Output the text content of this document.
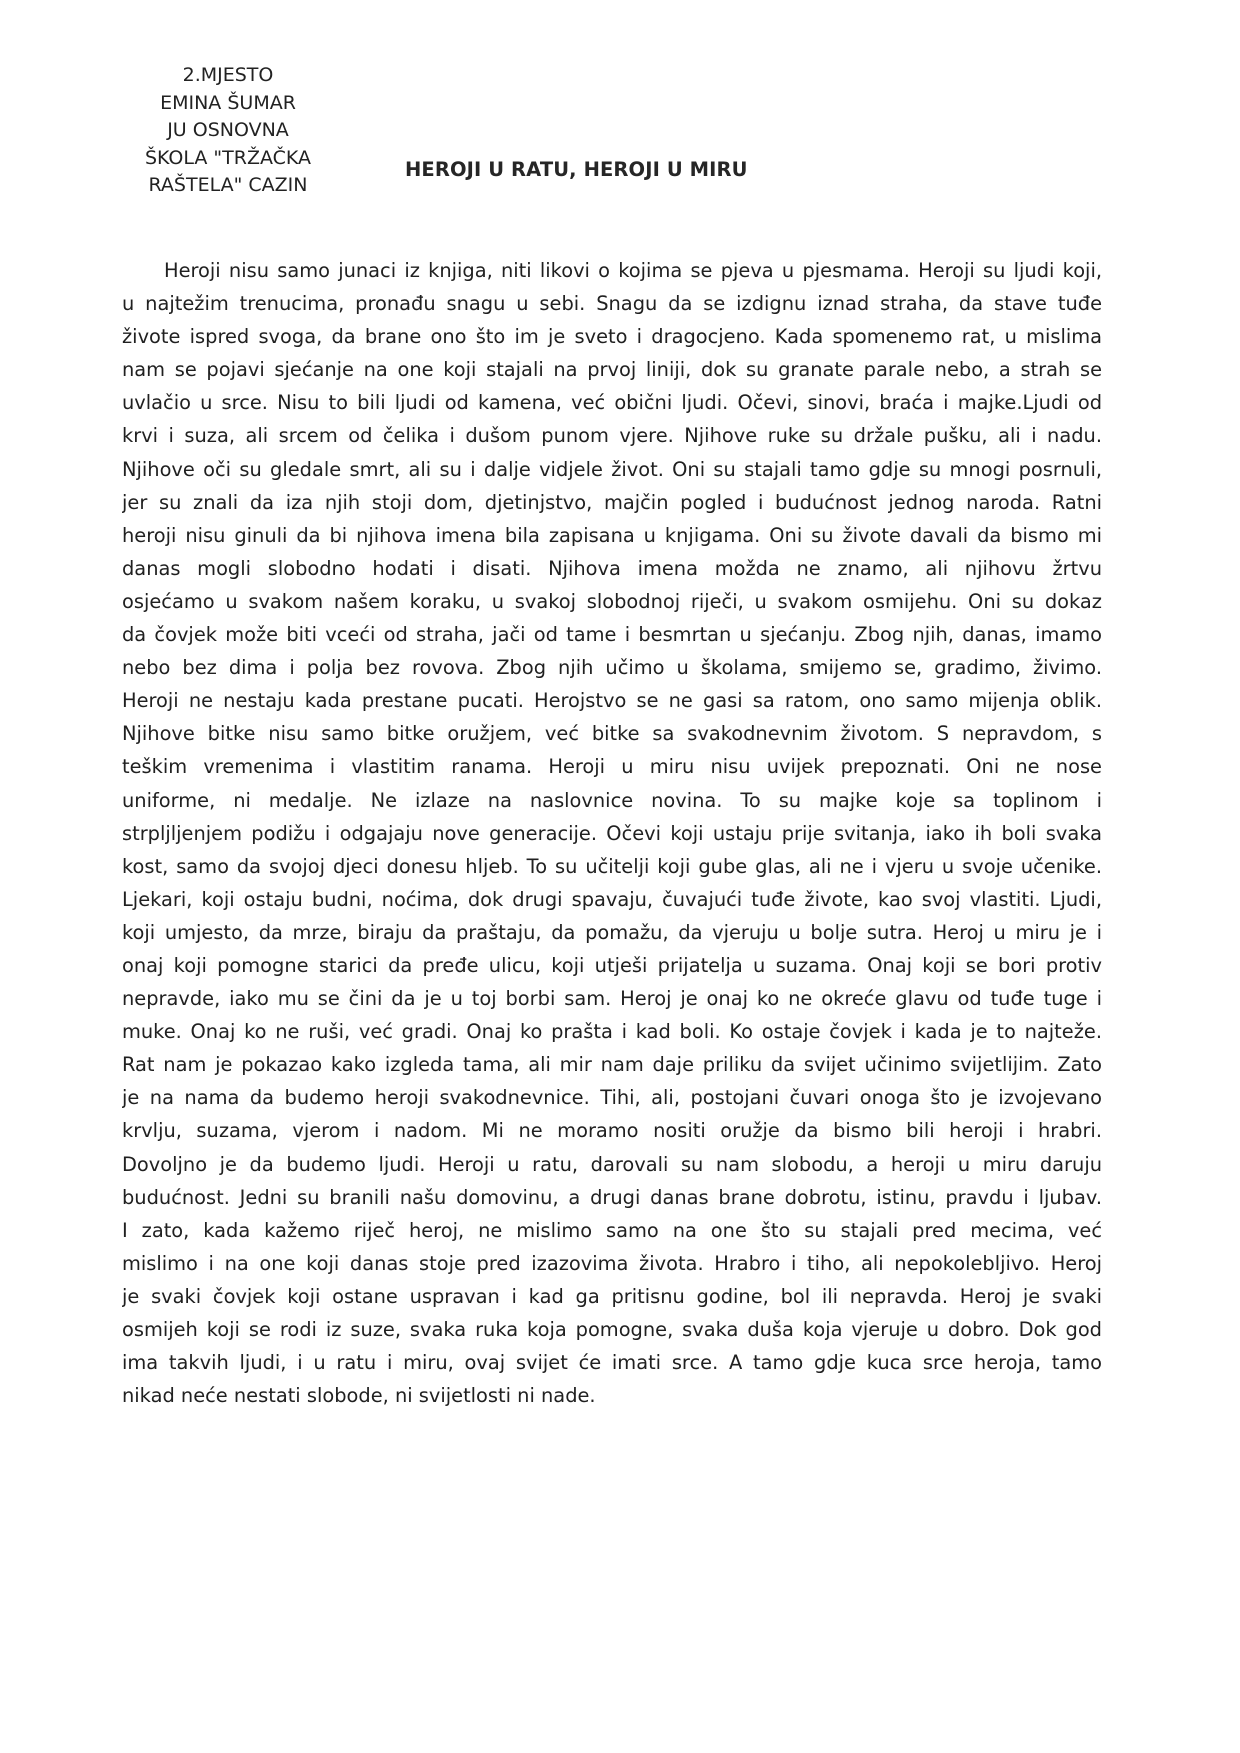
2.MJESTO
EMINA ŠUMAR
JU OSNOVNA
ŠKOLA "TRŽAČKA
RAŠTELA" CAZIN
HEROJI U RATU, HEROJI U MIRU
Heroji nisu samo junaci iz knjiga, niti likovi o kojima se pjeva u pjesmama. Heroji su ljudi koji,
u najtežim trenucima, pronađu snagu u sebi. Snagu da se izdignu iznad straha, da stave tuđe
živote ispred svoga, da brane ono što im je sveto i dragocjeno. Kada spomenemo rat, u mislima
nam se pojavi sjećanje na one koji stajali na prvoj liniji, dok su granate parale nebo, a strah se
uvlačio u srce. Nisu to bili ljudi od kamena, već obični ljudi. Očevi, sinovi, braća i majke.Ljudi od
krvi i suza, ali srcem od čelika i dušom punom vjere. Njihove ruke su držale pušku, ali i nadu.
Njihove oči su gledale smrt, ali su i dalje vidjele život. Oni su stajali tamo gdje su mnogi posrnuli,
jer su znali da iza njih stoji dom, djetinjstvo, majčin pogled i budućnost jednog naroda. Ratni
heroji nisu ginuli da bi njihova imena bila zapisana u knjigama. Oni su živote davali da bismo mi
danas mogli slobodno hodati i disati. Njihova imena možda ne znamo, ali njihovu žrtvu
osjećamo u svakom našem koraku, u svakoj slobodnoj riječi, u svakom osmijehu. Oni su dokaz
da čovjek može biti vceći od straha, jači od tame i besmrtan u sjećanju. Zbog njih, danas, imamo
nebo bez dima i polja bez rovova. Zbog njih učimo u školama, smijemo se, gradimo, živimo.
Heroji ne nestaju kada prestane pucati. Herojstvo se ne gasi sa ratom, ono samo mijenja oblik.
Njihove bitke nisu samo bitke oružjem, već bitke sa svakodnevnim životom. S nepravdom, s
teškim vremenima i vlastitim ranama. Heroji u miru nisu uvijek prepoznati. Oni ne nose
uniforme, ni medalje. Ne izlaze na naslovnice novina. To su majke koje sa toplinom i
strpljljenjem podižu i odgajaju nove generacije. Očevi koji ustaju prije svitanja, iako ih boli svaka
kost, samo da svojoj djeci donesu hljeb. To su učitelji koji gube glas, ali ne i vjeru u svoje učenike.
Ljekari, koji ostaju budni, noćima, dok drugi spavaju, čuvajući tuđe živote, kao svoj vlastiti. Ljudi,
koji umjesto, da mrze, biraju da praštaju, da pomažu, da vjeruju u bolje sutra. Heroj u miru je i
onaj koji pomogne starici da pređe ulicu, koji utješi prijatelja u suzama. Onaj koji se bori protiv
nepravde, iako mu se čini da je u toj borbi sam. Heroj je onaj ko ne okreće glavu od tuđe tuge i
muke. Onaj ko ne ruši, već gradi. Onaj ko prašta i kad boli. Ko ostaje čovjek i kada je to najteže.
Rat nam je pokazao kako izgleda tama, ali mir nam daje priliku da svijet učinimo svijetlijim. Zato
je na nama da budemo heroji svakodnevnice. Tihi, ali, postojani čuvari onoga što je izvojevano
krvlju, suzama, vjerom i nadom. Mi ne moramo nositi oružje da bismo bili heroji i hrabri.
Dovoljno je da budemo ljudi. Heroji u ratu, darovali su nam slobodu, a heroji u miru daruju
budućnost. Jedni su branili našu domovinu, a drugi danas brane dobrotu, istinu, pravdu i ljubav.
I zato, kada kažemo riječ heroj, ne mislimo samo na one što su stajali pred mecima, već
mislimo i na one koji danas stoje pred izazovima života. Hrabro i tiho, ali nepokolebljivo. Heroj
je svaki čovjek koji ostane uspravan i kad ga pritisnu godine, bol ili nepravda. Heroj je svaki
osmijeh koji se rodi iz suze, svaka ruka koja pomogne, svaka duša koja vjeruje u dobro. Dok god
ima takvih ljudi, i u ratu i miru, ovaj svijet će imati srce. A tamo gdje kuca srce heroja, tamo
nikad neće nestati slobode, ni svijetlosti ni nade.
